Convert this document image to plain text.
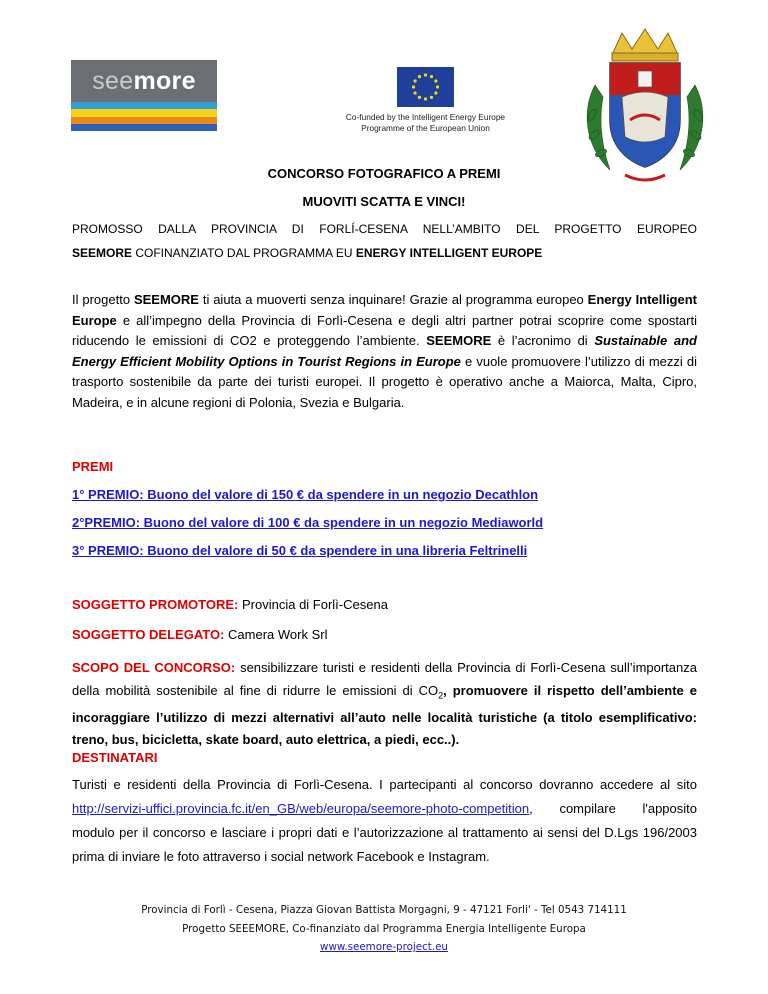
seemore
Co-funded by the Intelligent Energy Europe
Programme of the European Union
CONCORSO FOTOGRAFICO A PREMI
MUOVITI SCATTA E VINCI!
PROMOSSO DALLA PROVINCIA DI FORLÍ-CESENA NELL’AMBITO DEL PROGETTO EUROPEO
SEEMORE COFINANZIATO DAL PROGRAMMA EU ENERGY INTELLIGENT EUROPE
Il progetto SEEMORE ti aiuta a muoverti senza inquinare! Grazie al programma europeo Energy Intelligent Europe e all’impegno della Provincia di Forlì-Cesena e degli altri partner potrai scoprire come spostarti riducendo le emissioni di CO2 e proteggendo l’ambiente. SEEMORE è l’acronimo di Sustainable and Energy Efficient Mobility Options in Tourist Regions in Europe e vuole promuovere l’utilizzo di mezzi di trasporto sostenibile da parte dei turisti europei. Il progetto è operativo anche a Maiorca, Malta, Cipro, Madeira, e in alcune regioni di Polonia, Svezia e Bulgaria.
PREMI
1° PREMIO: Buono del valore di 150 € da spendere in un negozio Decathlon
2°PREMIO: Buono del valore di 100 € da spendere in un negozio Mediaworld
3° PREMIO: Buono del valore di 50 € da spendere in una libreria Feltrinelli
SOGGETTO PROMOTORE: Provincia di Forlì-Cesena
SOGGETTO DELEGATO: Camera Work Srl
SCOPO DEL CONCORSO: sensibilizzare turisti e residenti della Provincia di Forlì-Cesena sull’importanza della mobilità sostenibile al fine di ridurre le emissioni di $CO_2$, promuovere il rispetto dell’ambiente e incoraggiare l’utilizzo di mezzi alternativi all’auto nelle località turistiche (a titolo esemplificativo: treno, bus, bicicletta, skate board, auto elettrica, a piedi, ecc..).
DESTINATARI
Turisti e residenti della Provincia di Forlì-Cesena. I partecipanti al concorso dovranno accedere al sito http://servizi-uffici.provincia.fc.it/en_GB/web/europa/seemore-photo-competition, compilare l'apposito modulo per il concorso e lasciare i propri dati e l’autorizzazione al trattamento ai sensi del D.Lgs 196/2003 prima di inviare le foto attraverso i social network Facebook e Instagram.
Provincia di Forlì - Cesena, Piazza Giovan Battista Morgagni, 9 - 47121 Forli' - Tel 0543 714111
Progetto SEEEMORE, Co-finanziato dal Programma Energia Intelligente Europa
www.seemore-project.eu
